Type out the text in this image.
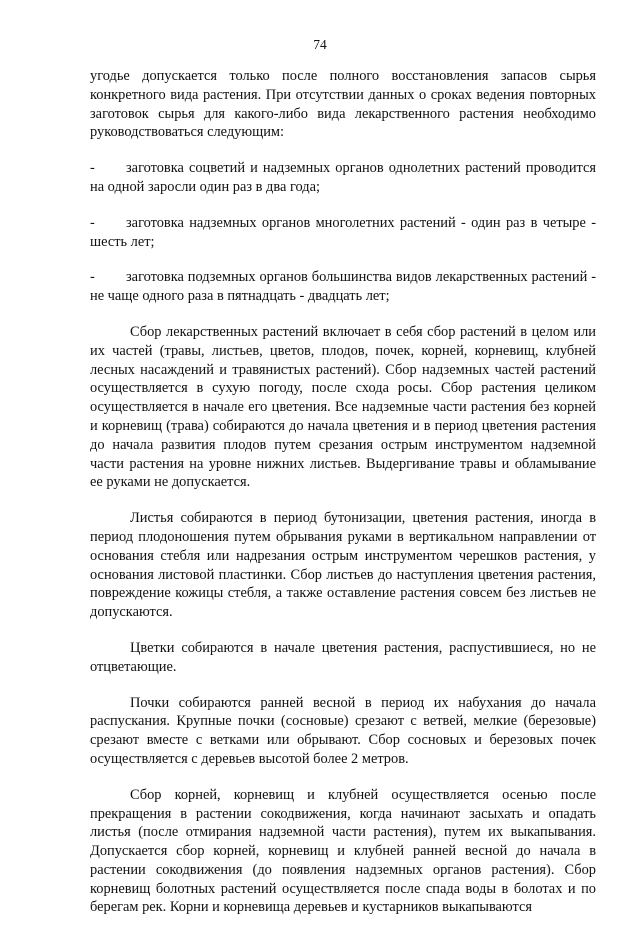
74

угодье допускается только после полного восстановления запасов сырья конкретного вида растения. При отсутствии данных о сроках ведения повторных заготовок сырья для какого-либо вида лекарственного растения необходимо руководствоваться следующим:

- заготовка соцветий и надземных органов однолетних растений проводится на одной заросли один раз в два года;

- заготовка надземных органов многолетних растений - один раз в четыре - шесть лет;

- заготовка подземных органов большинства видов лекарственных растений - не чаще одного раза в пятнадцать - двадцать лет;

Сбор лекарственных растений включает в себя сбор растений в целом или их частей (травы, листьев, цветов, плодов, почек, корней, корневищ, клубней лесных насаждений и травянистых растений). Сбор надземных частей растений осуществляется в сухую погоду, после схода росы. Сбор растения целиком осуществляется в начале его цветения. Все надземные части растения без корней и корневищ (трава) собираются до начала цветения и в период цветения растения до начала развития плодов путем срезания острым инструментом надземной части растения на уровне нижних листьев. Выдергивание травы и обламывание ее руками не допускается.

Листья собираются в период бутонизации, цветения растения, иногда в период плодоношения путем обрывания руками в вертикальном направлении от основания стебля или надрезания острым инструментом черешков растения, у основания листовой пластинки. Сбор листьев до наступления цветения растения, повреждение кожицы стебля, а также оставление растения совсем без листьев не допускаются.

Цветки собираются в начале цветения растения, распустившиеся, но не отцветающие.

Почки собираются ранней весной в период их набухания до начала распускания. Крупные почки (сосновые) срезают с ветвей, мелкие (березовые) срезают вместе с ветками или обрывают. Сбор сосновых и березовых почек осуществляется с деревьев высотой более 2 метров.

Сбор корней, корневищ и клубней осуществляется осенью после прекращения в растении сокодвижения, когда начинают засыхать и опадать листья (после отмирания надземной части растения), путем их выкапывания. Допускается сбор корней, корневищ и клубней ранней весной до начала в растении сокодвижения (до появления надземных органов растения). Сбор корневищ болотных растений осуществляется после спада воды в болотах и по берегам рек. Корни и корневища деревьев и кустарников выкапываются
